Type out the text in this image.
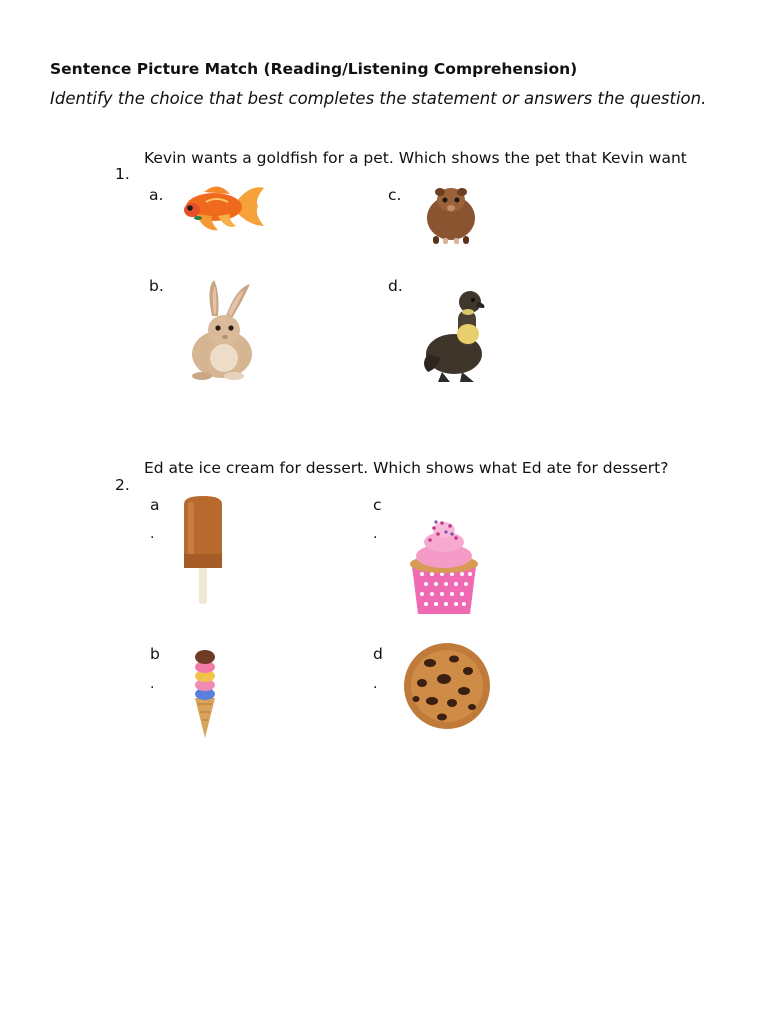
Sentence Picture Match (Reading/Listening Comprehension)
Identify the choice that best completes the statement or answers the question.
Kevin wants a goldfish for a pet. Which shows the pet that Kevin want
1.
a.	c.
b.	d.
Ed ate ice cream for dessert. Which shows what Ed ate for dessert?
2.
a
.
c
.
b
.
d
.
